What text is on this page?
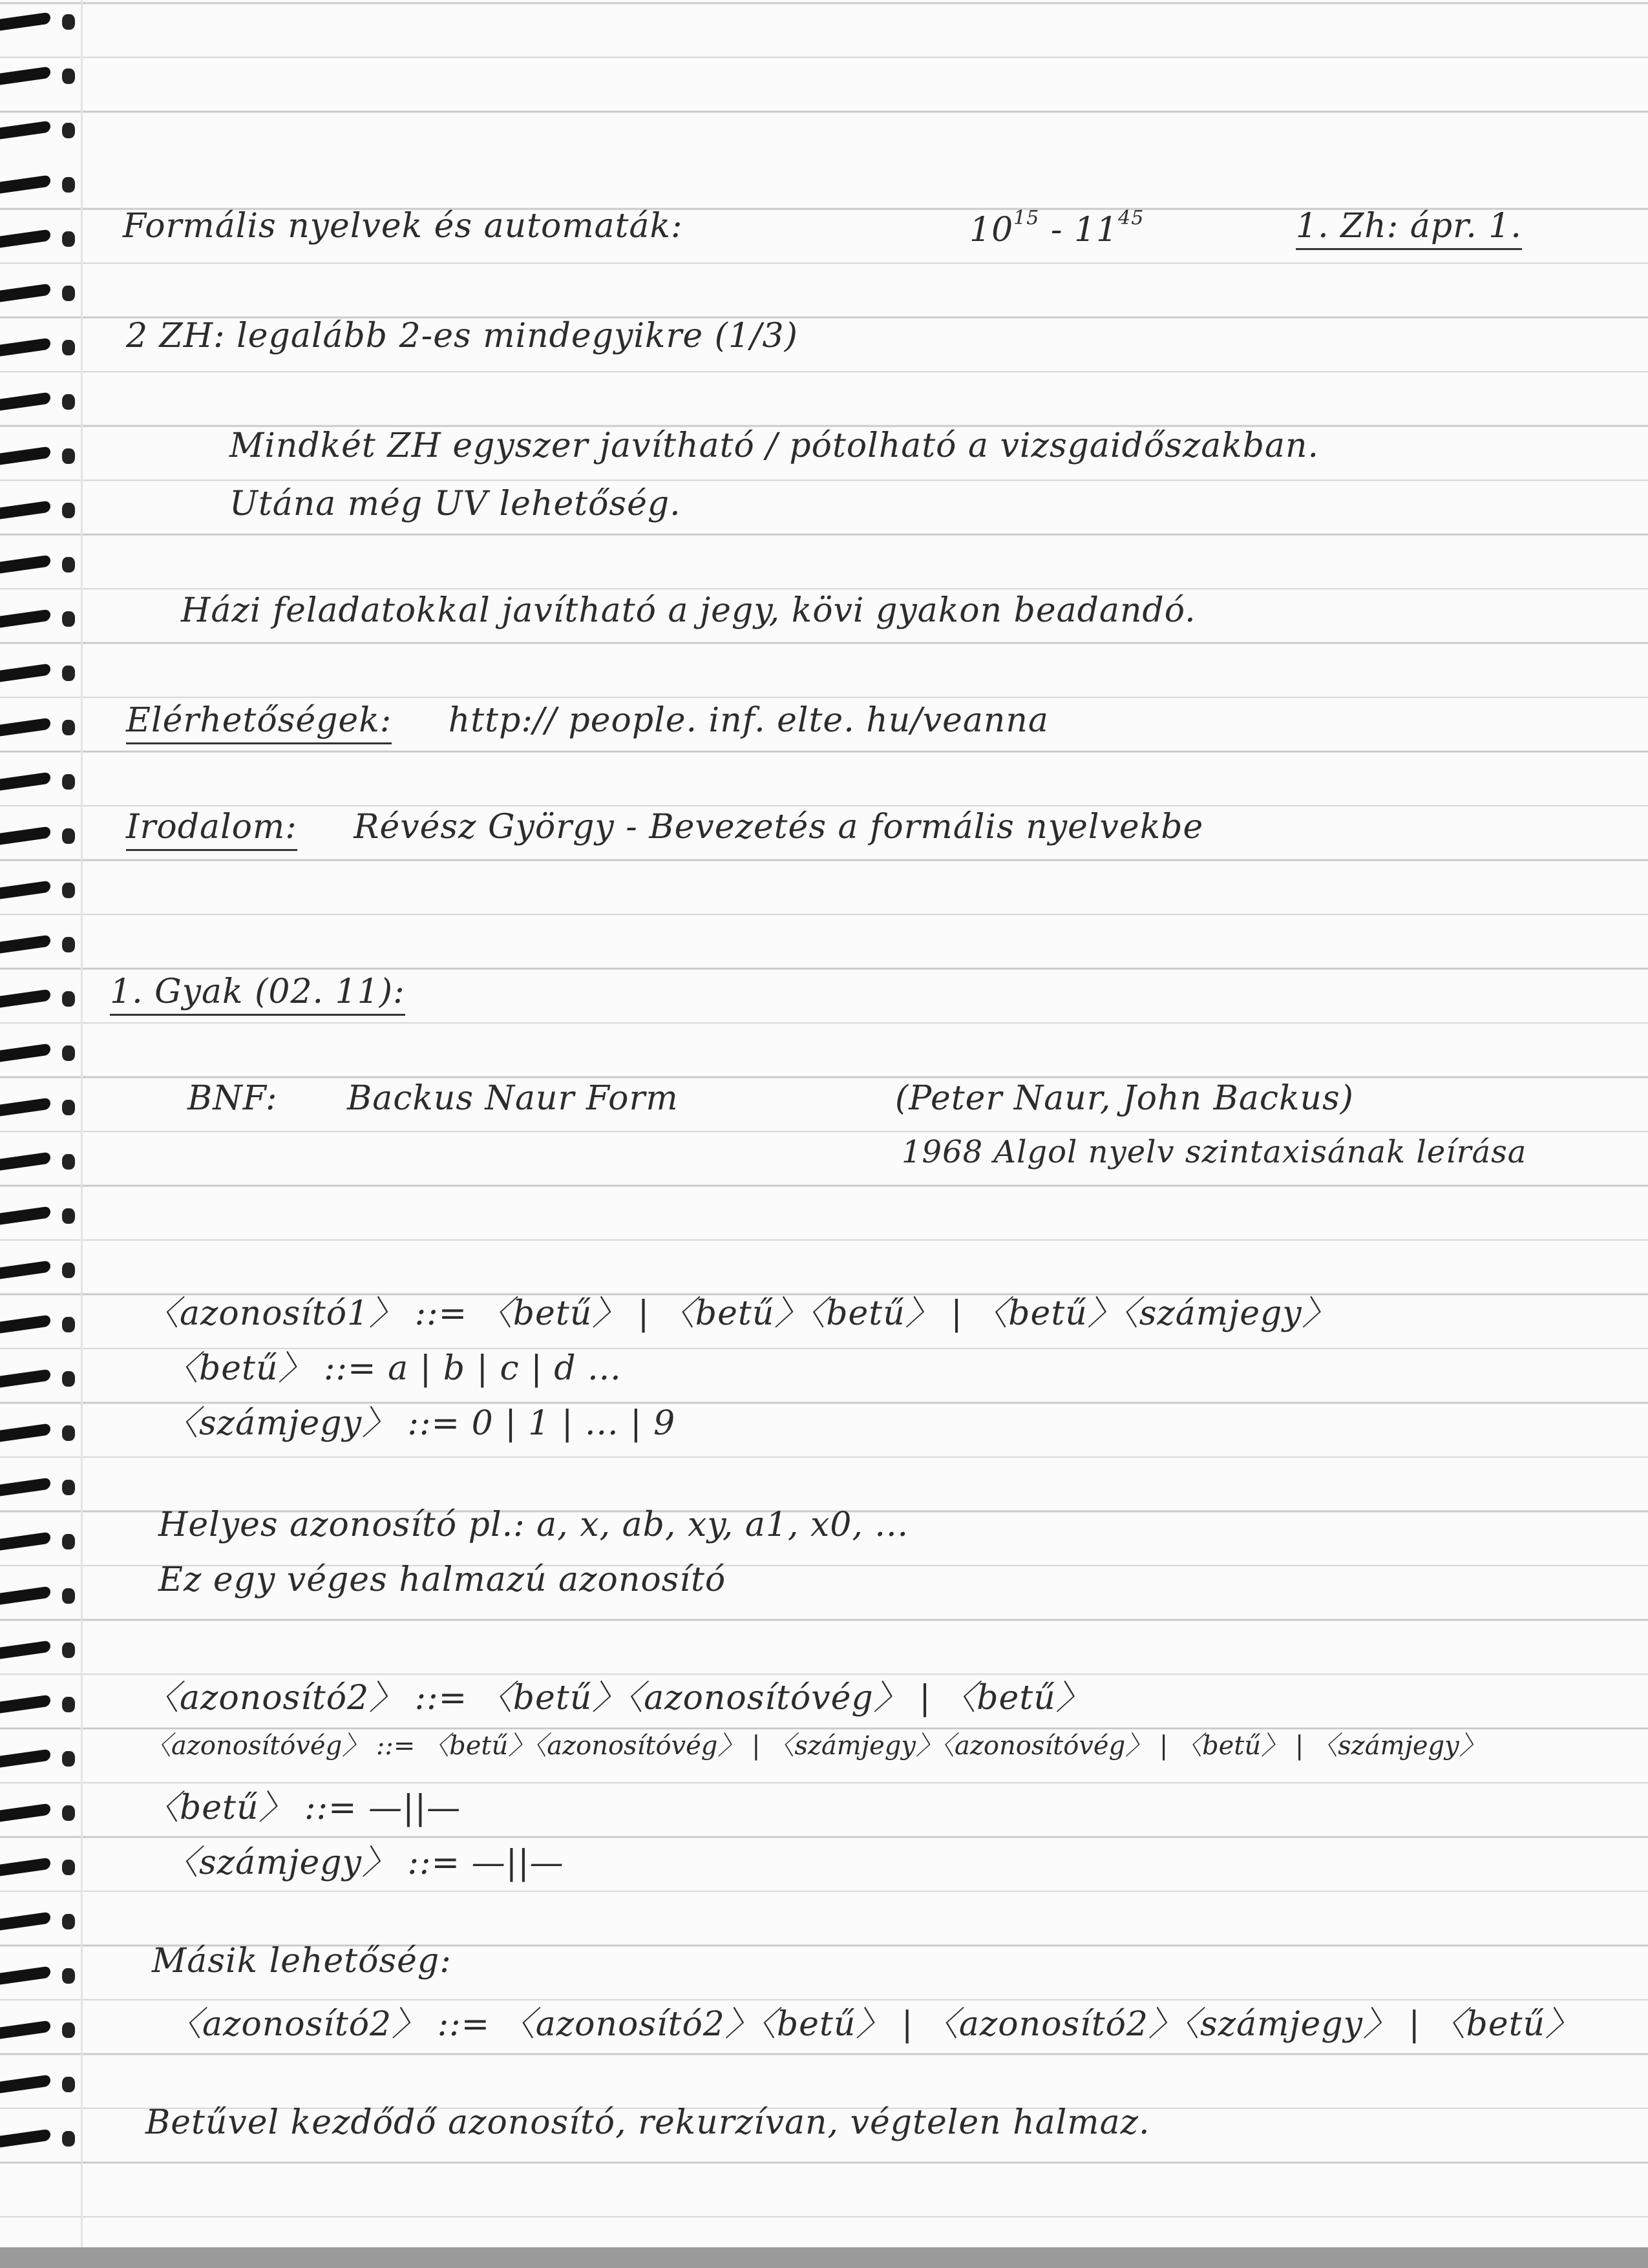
Formális nyelvek és automaták:	$10^{15} - 11^{45}$	1. Zh: ápr. 1.
2 ZH: legalább 2-es mindegyikre (1/3)
Mindkét ZH egyszer javítható / pótolható a vizsgaidőszakban.
Utána még UV lehetőség.
Házi feladatokkal javítható a jegy, kövi gyakon beadandó.
Elérhetőségek: http:// people. inf. elte. hu/veanna
Irodalom: Révész György - Bevezetés a formális nyelvekbe
1. Gyak (02. 11):
BNF: Backus Naur Form	(Peter Naur, John Backus)
1968 Algol nyelv szintaxisának leírása
〈azonosító1〉 ::= 〈betű〉 | 〈betű〉〈betű〉 | 〈betű〉〈számjegy〉
〈betű〉 ::= a | b | c | d ...
〈számjegy〉 ::= 0 | 1 | ... | 9
Helyes azonosító pl.: a, x, ab, xy, a1, x0, ...
Ez egy véges halmazú azonosító
〈azonosító2〉 ::= 〈betű〉〈azonosítóvég〉 | 〈betű〉
〈azonosítóvég〉 ::= 〈betű〉〈azonosítóvég〉 | 〈számjegy〉〈azonosítóvég〉 | 〈betű〉 | 〈számjegy〉
〈betű〉 ::= —||—
〈számjegy〉 ::= —||—
Másik lehetőség:
〈azonosító2〉 ::= 〈azonosító2〉〈betű〉 | 〈azonosító2〉〈számjegy〉 | 〈betű〉
Betűvel kezdődő azonosító, rekurzívan, végtelen halmaz.
